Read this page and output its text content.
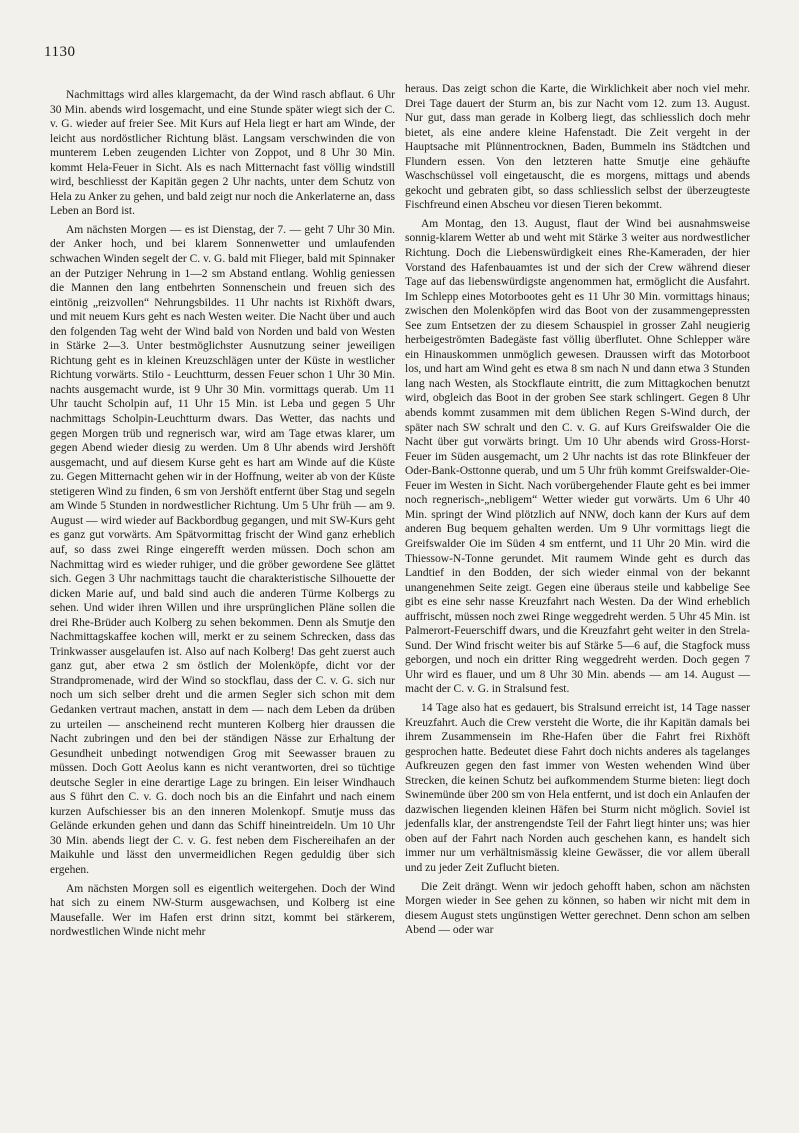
1130

Nachmittags wird alles klargemacht, da der Wind rasch abflaut. 6 Uhr 30 Min. abends wird losgemacht, und eine Stunde später wiegt sich der C. v. G. wieder auf freier See. Mit Kurs auf Hela liegt er hart am Winde, der leicht aus nordöstlicher Richtung bläst. Langsam verschwinden die von munterem Leben zeugenden Lichter von Zoppot, und 8 Uhr 30 Min. kommt Hela-Feuer in Sicht. Als es nach Mitternacht fast völlig windstill wird, beschliesst der Kapitän gegen 2 Uhr nachts, unter dem Schutz von Hela zu Anker zu gehen, und bald zeigt nur noch die Ankerlaterne an, dass Leben an Bord ist.

Am nächsten Morgen — es ist Dienstag, der 7. — geht 7 Uhr 30 Min. der Anker hoch, und bei klarem Sonnenwetter und umlaufenden schwachen Winden segelt der C. v. G. bald mit Flieger, bald mit Spinnaker an der Putziger Nehrung in 1—2 sm Abstand entlang. Wohlig geniessen die Mannen den lang entbehrten Sonnenschein und freuen sich des eintönig „reizvollen“ Nehrungsbildes. 11 Uhr nachts ist Rixhöft dwars, und mit neuem Kurs geht es nach Westen weiter. Die Nacht über und auch den folgenden Tag weht der Wind bald von Norden und bald von Westen in Stärke 2—3. Unter bestmöglichster Ausnutzung seiner jeweiligen Richtung geht es in kleinen Kreuzschlägen unter der Küste in westlicher Richtung vorwärts. Stilo - Leuchtturm, dessen Feuer schon 1 Uhr 30 Min. nachts ausgemacht wurde, ist 9 Uhr 30 Min. vormittags querab. Um 11 Uhr taucht Scholpin auf, 11 Uhr 15 Min. ist Leba und gegen 5 Uhr nachmittags Scholpin-Leuchtturm dwars. Das Wetter, das nachts und gegen Morgen trüb und regnerisch war, wird am Tage etwas klarer, um gegen Abend wieder diesig zu werden. Um 8 Uhr abends wird Jershöft ausgemacht, und auf diesem Kurse geht es hart am Winde auf die Küste zu. Gegen Mitternacht gehen wir in der Hoffnung, weiter ab von der Küste stetigeren Wind zu finden, 6 sm von Jershöft entfernt über Stag und segeln am Winde 5 Stunden in nordwestlicher Richtung. Um 5 Uhr früh — am 9. August — wird wieder auf Backbordbug gegangen, und mit SW-Kurs geht es ganz gut vorwärts. Am Spätvormittag frischt der Wind ganz erheblich auf, so dass zwei Ringe eingerefft werden müssen. Doch schon am Nachmittag wird es wieder ruhiger, und die gröber gewordene See glättet sich. Gegen 3 Uhr nachmittags taucht die charakteristische Silhouette der dicken Marie auf, und bald sind auch die anderen Türme Kolbergs zu sehen. Und wider ihren Willen und ihre ursprünglichen Pläne sollen die drei Rhe-Brüder auch Kolberg zu sehen bekommen. Denn als Smutje den Nachmittagskaffee kochen will, merkt er zu seinem Schrecken, dass das Trinkwasser ausgelaufen ist. Also auf nach Kolberg! Das geht zuerst auch ganz gut, aber etwa 2 sm östlich der Molenköpfe, dicht vor der Strandpromenade, wird der Wind so stockflau, dass der C. v. G. sich nur noch um sich selber dreht und die armen Segler sich schon mit dem Gedanken vertraut machen, anstatt in dem — nach dem Leben da drüben zu urteilen — anscheinend recht munteren Kolberg hier draussen die Nacht zubringen und den bei der ständigen Nässe zur Erhaltung der Gesundheit unbedingt notwendigen Grog mit Seewasser brauen zu müssen. Doch Gott Aeolus kann es nicht verantworten, drei so tüchtige deutsche Segler in eine derartige Lage zu bringen. Ein leiser Windhauch aus S führt den C. v. G. doch noch bis an die Einfahrt und nach einem kurzen Aufschiesser bis an den inneren Molenkopf. Smutje muss das Gelände erkunden gehen und dann das Schiff hineintreideln. Um 10 Uhr 30 Min. abends liegt der C. v. G. fest neben dem Fischereihafen an der Maikuhle und lässt den unvermeidlichen Regen geduldig über sich ergehen.

Am nächsten Morgen soll es eigentlich weitergehen. Doch der Wind hat sich zu einem NW-Sturm ausgewachsen, und Kolberg ist eine Mausefalle. Wer im Hafen erst drinn sitzt, kommt bei stärkerem, nordwestlichen Winde nicht mehr

heraus. Das zeigt schon die Karte, die Wirklichkeit aber noch viel mehr. Drei Tage dauert der Sturm an, bis zur Nacht vom 12. zum 13. August. Nur gut, dass man gerade in Kolberg liegt, das schliesslich doch mehr bietet, als eine andere kleine Hafenstadt. Die Zeit vergeht in der Hauptsache mit Plünnentrocknen, Baden, Bummeln ins Städtchen und Flundern essen. Von den letzteren hatte Smutje eine gehäufte Waschschüssel voll eingetauscht, die es morgens, mittags und abends gekocht und gebraten gibt, so dass schliesslich selbst der überzeugteste Fischfreund einen Abscheu vor diesen Tieren bekommt.

Am Montag, den 13. August, flaut der Wind bei ausnahmsweise sonnig-klarem Wetter ab und weht mit Stärke 3 weiter aus nordwestlicher Richtung. Doch die Liebenswürdigkeit eines Rhe-Kameraden, der hier Vorstand des Hafenbauamtes ist und der sich der Crew während dieser Tage auf das liebenswürdigste angenommen hat, ermöglicht die Ausfahrt. Im Schlepp eines Motorbootes geht es 11 Uhr 30 Min. vormittags hinaus; zwischen den Molenköpfen wird das Boot von der zusammengepressten See zum Entsetzen der zu diesem Schauspiel in grosser Zahl neugierig herbeigeströmten Badegäste fast völlig überflutet. Ohne Schlepper wäre ein Hinauskommen unmöglich gewesen. Draussen wirft das Motorboot los, und hart am Wind geht es etwa 8 sm nach N und dann etwa 3 Stunden lang nach Westen, als Stockflaute eintritt, die zum Mittagkochen benutzt wird, obgleich das Boot in der groben See stark schlingert. Gegen 8 Uhr abends kommt zusammen mit dem üblichen Regen S-Wind durch, der später nach SW schralt und den C. v. G. auf Kurs Greifswalder Oie die Nacht über gut vorwärts bringt. Um 10 Uhr abends wird Gross-Horst-Feuer im Süden ausgemacht, um 2 Uhr nachts ist das rote Blinkfeuer der Oder-Bank-Osttonne querab, und um 5 Uhr früh kommt Greifswalder-Oie-Feuer im Westen in Sicht. Nach vorübergehender Flaute geht es bei immer noch regnerisch-„nebligem“ Wetter wieder gut vorwärts. Um 6 Uhr 40 Min. springt der Wind plötzlich auf NNW, doch kann der Kurs auf dem anderen Bug bequem gehalten werden. Um 9 Uhr vormittags liegt die Greifswalder Oie im Süden 4 sm entfernt, und 11 Uhr 20 Min. wird die Thiessow-N-Tonne gerundet. Mit raumem Winde geht es durch das Landtief in den Bodden, der sich wieder einmal von der bekannt unangenehmen Seite zeigt. Gegen eine überaus steile und kabbelige See gibt es eine sehr nasse Kreuzfahrt nach Westen. Da der Wind erheblich auffrischt, müssen noch zwei Ringe weggedreht werden. 5 Uhr 45 Min. ist Palmerort-Feuerschiff dwars, und die Kreuzfahrt geht weiter in den Strela-Sund. Der Wind frischt weiter bis auf Stärke 5—6 auf, die Stagfock muss geborgen, und noch ein dritter Ring weggedreht werden. Doch gegen 7 Uhr wird es flauer, und um 8 Uhr 30 Min. abends — am 14. August — macht der C. v. G. in Stralsund fest.

14 Tage also hat es gedauert, bis Stralsund erreicht ist, 14 Tage nasser Kreuzfahrt. Auch die Crew versteht die Worte, die ihr Kapitän damals bei ihrem Zusammensein im Rhe-Hafen über die Fahrt frei Rixhöft gesprochen hatte. Bedeutet diese Fahrt doch nichts anderes als tagelanges Aufkreuzen gegen den fast immer von Westen wehenden Wind über Strecken, die keinen Schutz bei aufkommendem Sturme bieten: liegt doch Swinemünde über 200 sm von Hela entfernt, und ist doch ein Anlaufen der dazwischen liegenden kleinen Häfen bei Sturm nicht möglich. Soviel ist jedenfalls klar, der anstrengendste Teil der Fahrt liegt hinter uns; was hier oben auf der Fahrt nach Norden auch geschehen kann, es handelt sich immer nur um verhältnismässig kleine Gewässer, die vor allem überall und zu jeder Zeit Zuflucht bieten.

Die Zeit drängt. Wenn wir jedoch gehofft haben, schon am nächsten Morgen wieder in See gehen zu können, so haben wir nicht mit dem in diesem August stets ungünstigen Wetter gerechnet. Denn schon am selben Abend — oder war
